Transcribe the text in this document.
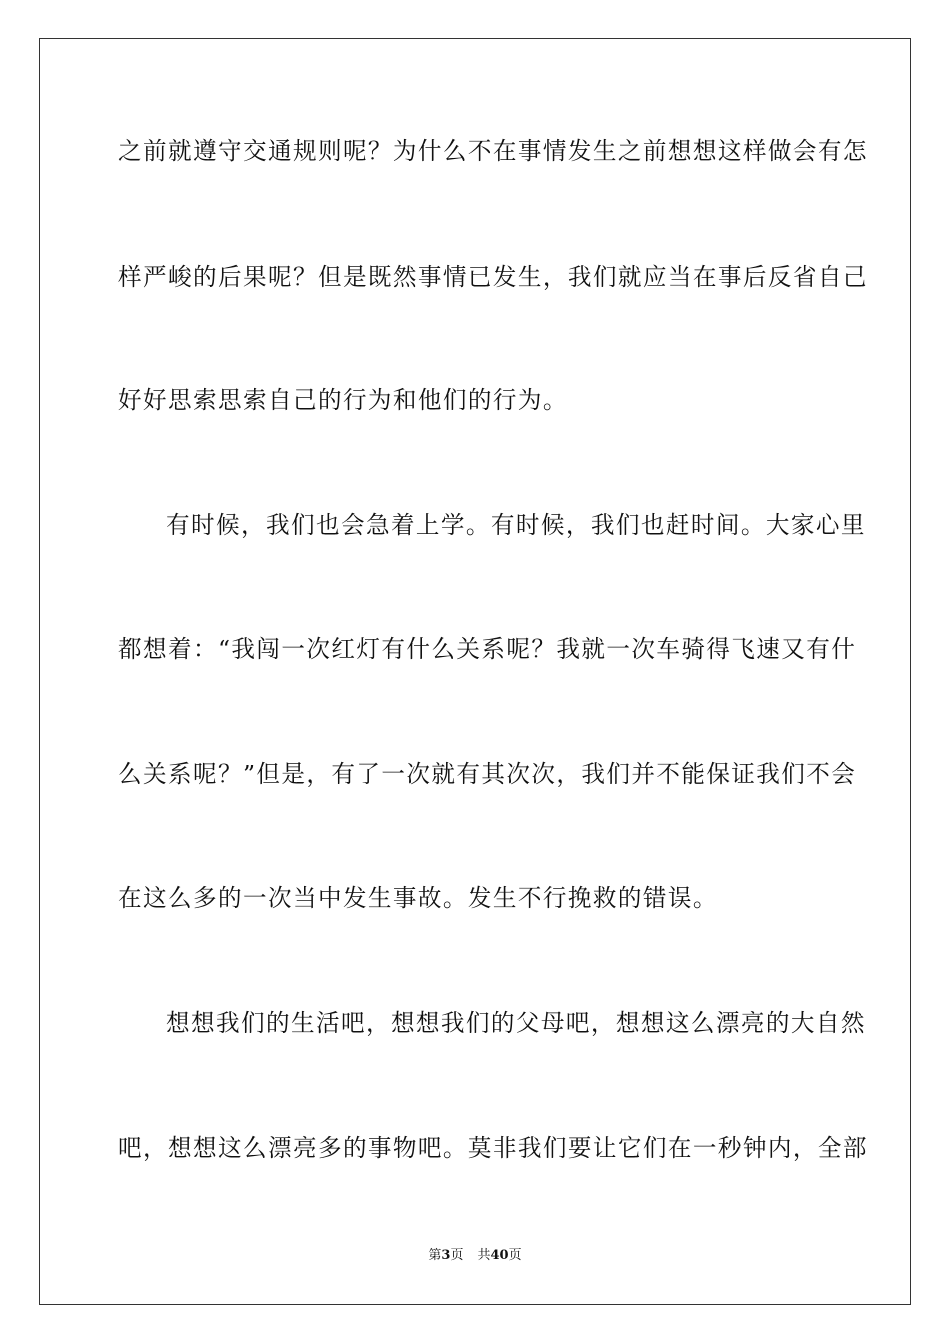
之前就遵守交通规则呢？为什么不在事情发生之前想想这样做会有怎
样严峻的后果呢？但是既然事情已发生，我们就应当在事后反省自己
好好思索思索自己的行为和他们的行为。
有时候，我们也会急着上学。有时候，我们也赶时间。大家心里
都想着：“我闯一次红灯有什么关系呢？我就一次车骑得飞速又有什
么关系呢？”但是，有了一次就有其次次，我们并不能保证我们不会
在这么多的一次当中发生事故。发生不行挽救的错误。
想想我们的生活吧，想想我们的父母吧，想想这么漂亮的大自然
吧，想想这么漂亮多的事物吧。莫非我们要让它们在一秒钟内，全部
第3页 共40页
